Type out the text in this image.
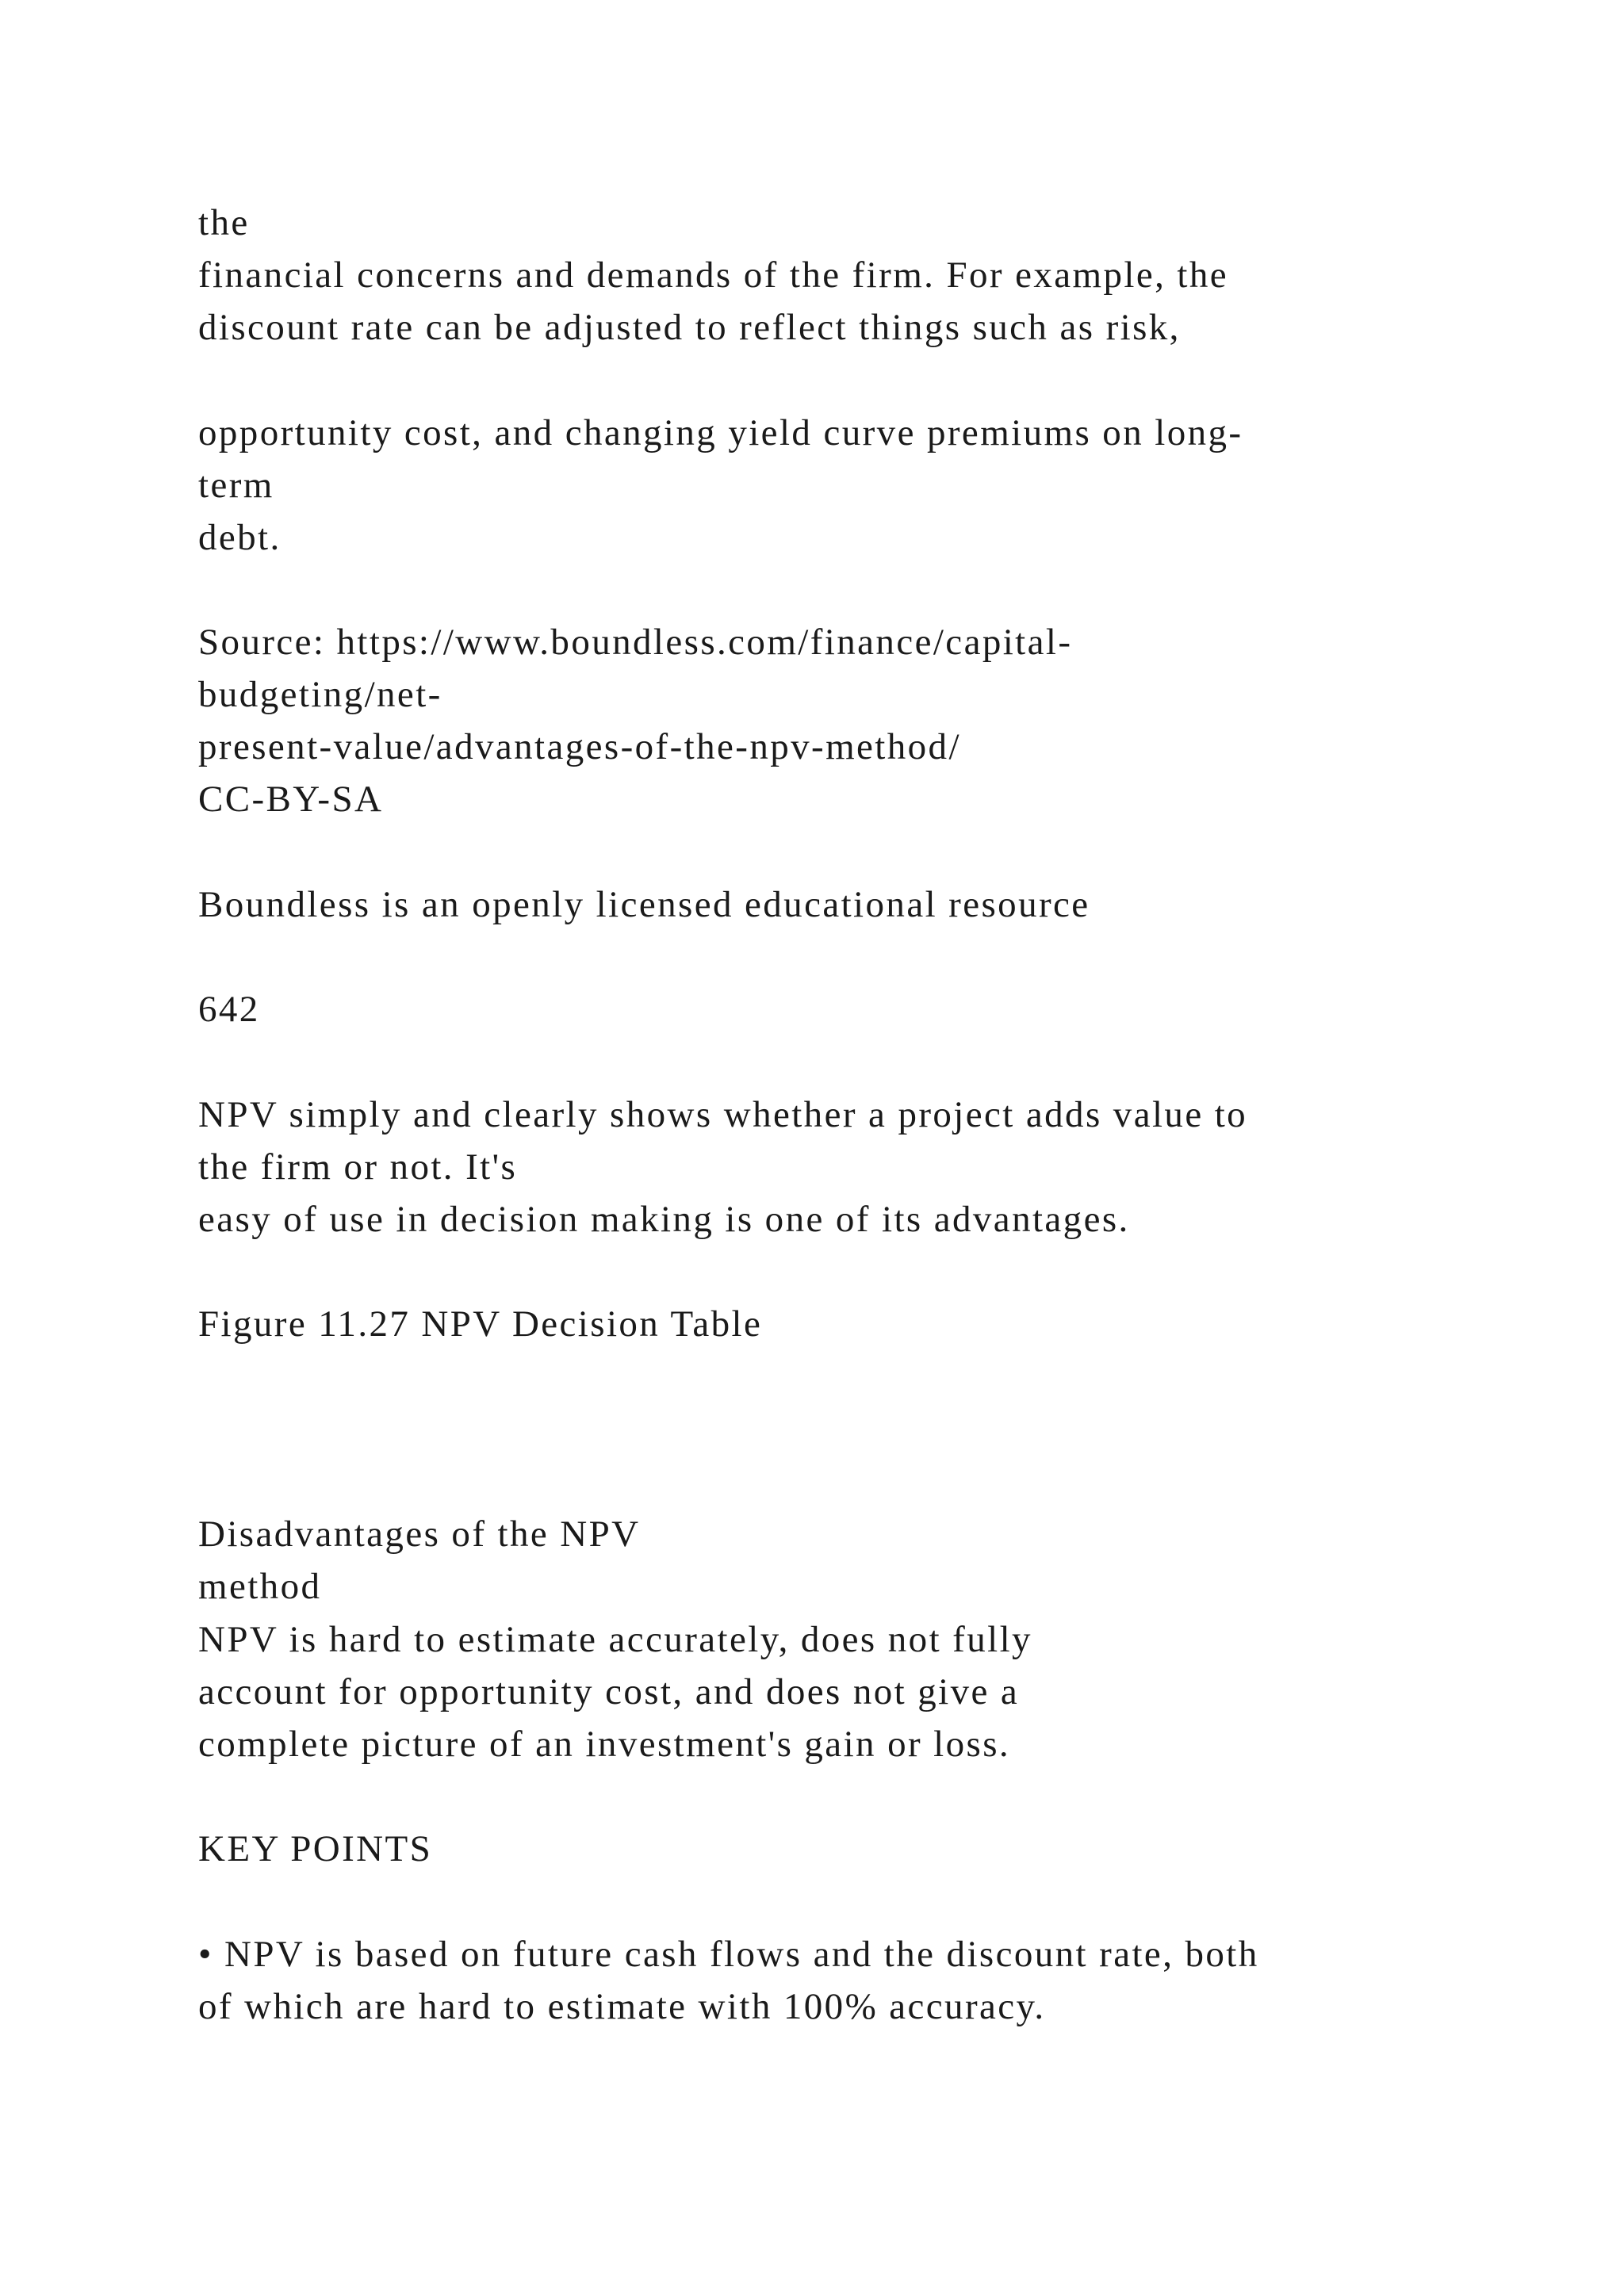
the
financial concerns and demands of the firm. For example, the
discount rate can be adjusted to reflect things such as risk,
opportunity cost, and changing yield curve premiums on long-
term
debt.
Source: https://www.boundless.com/finance/capital-
budgeting/net-
present-value/advantages-of-the-npv-method/
CC-BY-SA
Boundless is an openly licensed educational resource
642
NPV simply and clearly shows whether a project adds value to
the firm or not. It's
easy of use in decision making is one of its advantages.
Figure 11.27 NPV Decision Table
Disadvantages of the NPV
method
NPV is hard to estimate accurately, does not fully
account for opportunity cost, and does not give a
complete picture of an investment's gain or loss.
KEY POINTS
• NPV is based on future cash flows and the discount rate, both
of which are hard to estimate with 100% accuracy.
